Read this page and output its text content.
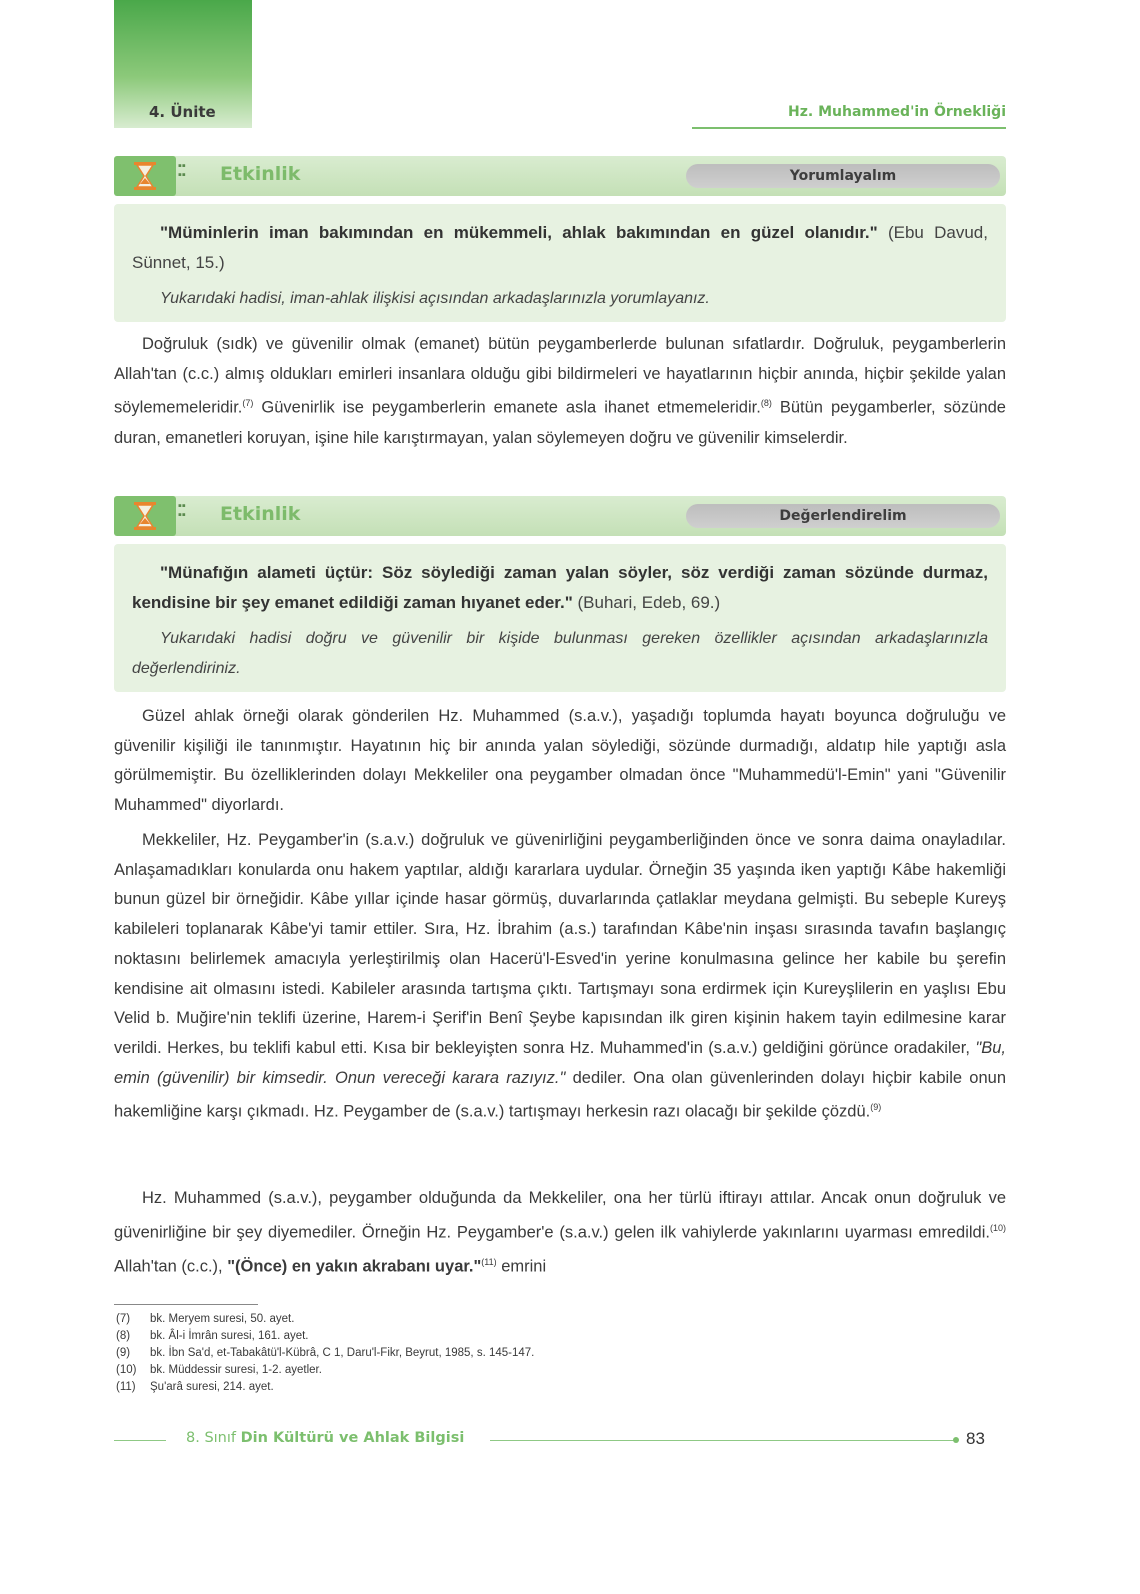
4. Ünite	Hz. Muhammed'in Örnekliği
▪▪
▪▪ Etkinlik	Yorumlayalım

"Müminlerin iman bakımından en mükemmeli, ahlak bakımından en güzel olanıdır." (Ebu Davud, Sünnet, 15.)

Yukarıdaki hadisi, iman-ahlak ilişkisi açısından arkadaşlarınızla yorumlayanız.

Doğruluk (sıdk) ve güvenilir olmak (emanet) bütün peygamberlerde bulunan sıfatlardır. Doğruluk, peygamberlerin Allah'tan (c.c.) almış oldukları emirleri insanlara olduğu gibi bildirmeleri ve hayatlarının hiçbir anında, hiçbir şekilde yalan söylememeleridir.$^{(7)}$ Güvenirlik ise peygamberlerin emanete asla ihanet etmemeleridir.$^{(8)}$ Bütün peygamberler, sözünde duran, emanetleri koruyan, işine hile karıştırmayan, yalan söylemeyen doğru ve güvenilir kimselerdir.

▪▪
▪▪ Etkinlik	Değerlendirelim

"Münafığın alameti üçtür: Söz söylediği zaman yalan söyler, söz verdiği zaman sözünde durmaz, kendisine bir şey emanet edildiği zaman hıyanet eder." (Buhari, Edeb, 69.)

Yukarıdaki hadisi doğru ve güvenilir bir kişide bulunması gereken özellikler açısından arkadaşlarınızla değerlendiriniz.

Güzel ahlak örneği olarak gönderilen Hz. Muhammed (s.a.v.), yaşadığı toplumda hayatı boyunca doğruluğu ve güvenilir kişiliği ile tanınmıştır. Hayatının hiç bir anında yalan söylediği, sözünde durmadığı, aldatıp hile yaptığı asla görülmemiştir. Bu özelliklerinden dolayı Mekkeliler ona peygamber olmadan önce "Muhammedü'l-Emin" yani "Güvenilir Muhammed" diyorlardı.

Mekkeliler, Hz. Peygamber'in (s.a.v.) doğruluk ve güvenirliğini peygamberliğinden önce ve sonra daima onayladılar. Anlaşamadıkları konularda onu hakem yaptılar, aldığı kararlara uydular. Örneğin 35 yaşında iken yaptığı Kâbe hakemliği bunun güzel bir örneğidir. Kâbe yıllar içinde hasar görmüş, duvarlarında çatlaklar meydana gelmişti. Bu sebeple Kureyş kabileleri toplanarak Kâbe'yi tamir ettiler. Sıra, Hz. İbrahim (a.s.) tarafından Kâbe'nin inşası sırasında tavafın başlangıç noktasını belirlemek amacıyla yerleştirilmiş olan Hacerü'l-Esved'in yerine konulmasına gelince her kabile bu şerefin kendisine ait olmasını istedi. Kabileler arasında tartışma çıktı. Tartışmayı sona erdirmek için Kureyşlilerin en yaşlısı Ebu Velid b. Muğire'nin teklifi üzerine, Harem-i Şerif'in Benî Şeybe kapısından ilk giren kişinin hakem tayin edilmesine karar verildi. Herkes, bu teklifi kabul etti. Kısa bir bekleyişten sonra Hz. Muhammed'in (s.a.v.) geldiğini görünce oradakiler, "Bu, emin (güvenilir) bir kimsedir. Onun vereceği karara razıyız." dediler. Ona olan güvenlerinden dolayı hiçbir kabile onun hakemliğine karşı çıkmadı. Hz. Peygamber de (s.a.v.) tartışmayı herkesin razı olacağı bir şekilde çözdü.$^{(9)}$

Hz. Muhammed (s.a.v.), peygamber olduğunda da Mekkeliler, ona her türlü iftirayı attılar. Ancak onun doğruluk ve güvenirliğine bir şey diyemediler. Örneğin Hz. Peygamber'e (s.a.v.) gelen ilk vahiylerde yakınlarını uyarması emredildi.$^{(10)}$ Allah'tan (c.c.), "(Önce) en yakın akrabanı uyar."$^{(11)}$ emrini

(7) bk. Meryem suresi, 50. ayet.
(8) bk. Âl-i İmrân suresi, 161. ayet.
(9) bk. İbn Sa'd, et-Tabakâtü'l-Kübrâ, C 1, Daru'l-Fikr, Beyrut, 1985, s. 145-147.
(10) bk. Müddessir suresi, 1-2. ayetler.
(11) Şu'arâ suresi, 214. ayet.
8. Sınıf Din Kültürü ve Ahlak Bilgisi	83
